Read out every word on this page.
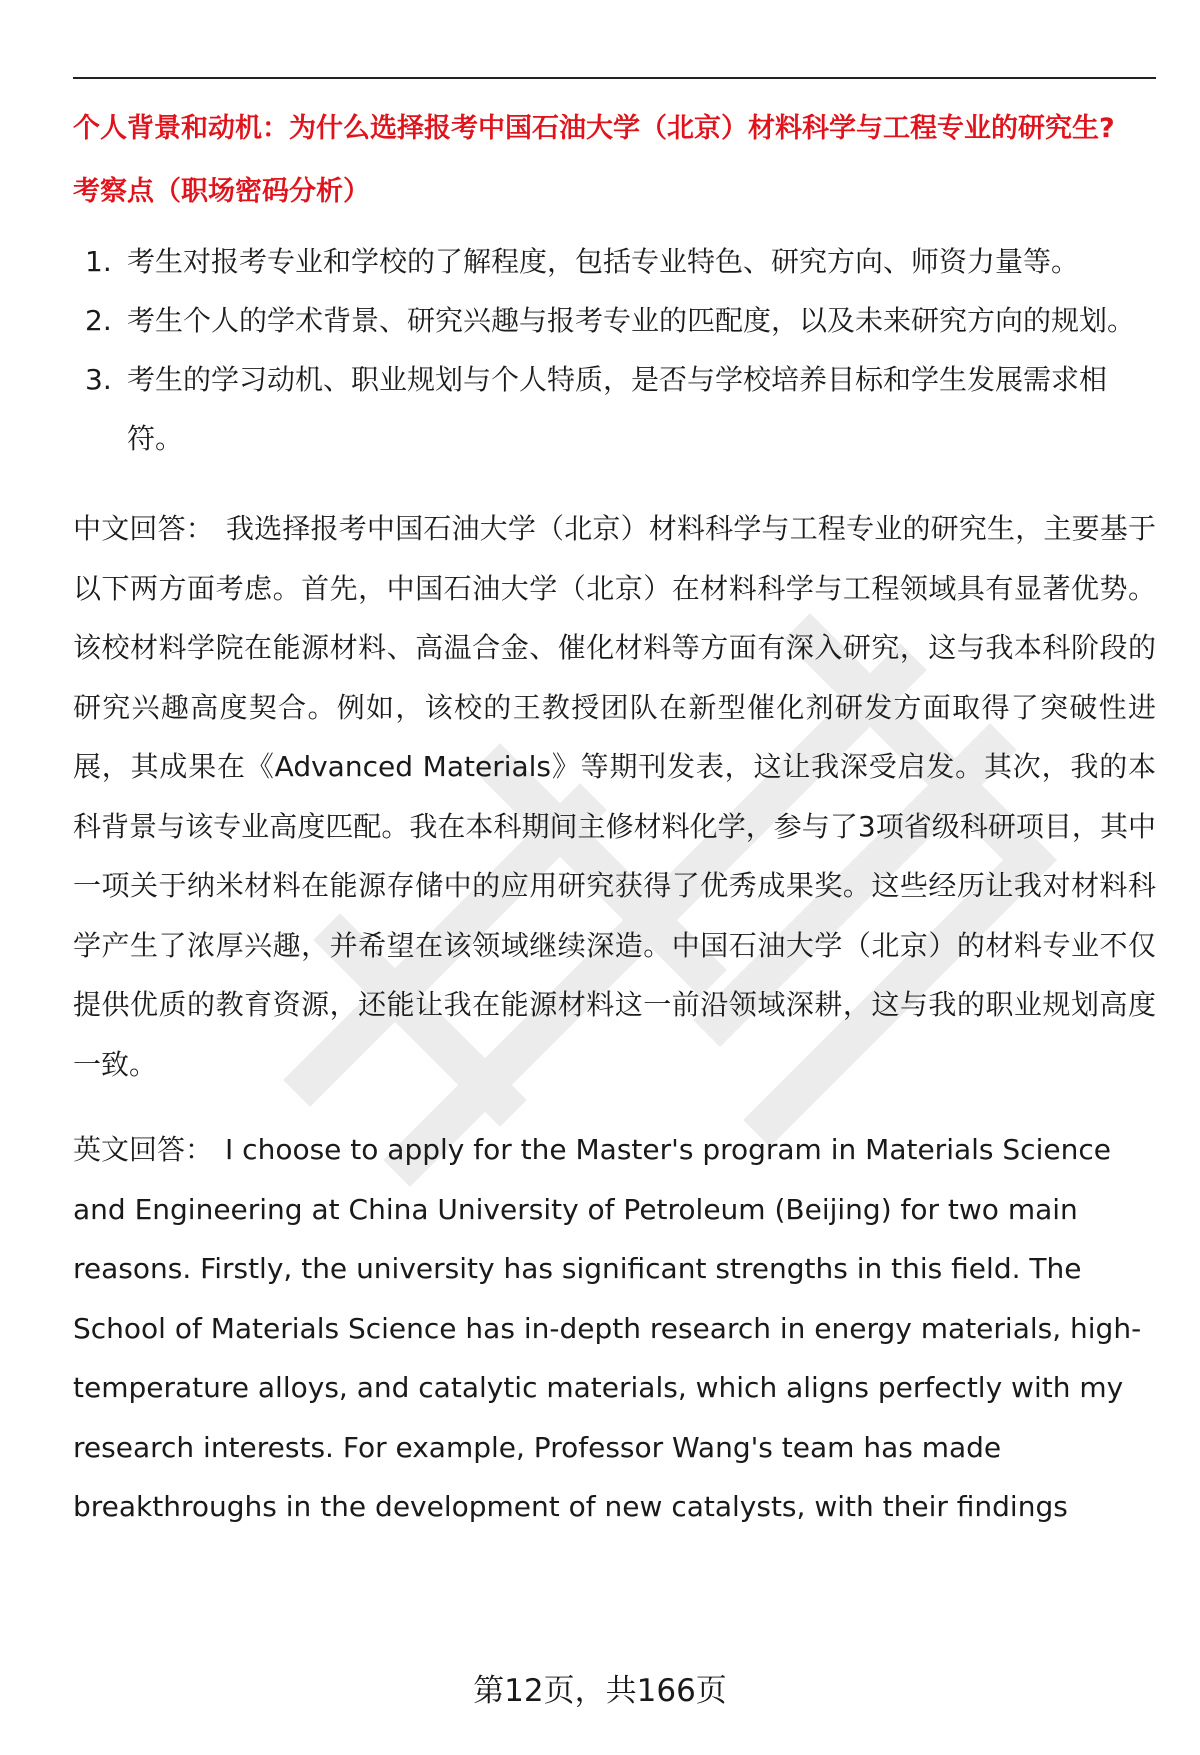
个人背景和动机：为什么选择报考中国石油大学（北京）材料科学与工程专业的研究生?

考察点（职场密码分析）

1. 考生对报考专业和学校的了解程度，包括专业特色、研究方向、师资力量等。
2. 考生个人的学术背景、研究兴趣与报考专业的匹配度，以及未来研究方向的规划。
3. 考生的学习动机、职业规划与个人特质，是否与学校培养目标和学生发展需求相符。

中文回答： 我选择报考中国石油大学（北京）材料科学与工程专业的研究生，主要基于以下两方面考虑。首先，中国石油大学（北京）在材料科学与工程领域具有显著优势。该校材料学院在能源材料、高温合金、催化材料等方面有深入研究，这与我本科阶段的研究兴趣高度契合。例如，该校的王教授团队在新型催化剂研发方面取得了突破性进展，其成果在《Advanced Materials》等期刊发表，这让我深受启发。其次，我的本科背景与该专业高度匹配。我在本科期间主修材料化学，参与了3项省级科研项目，其中一项关于纳米材料在能源存储中的应用研究获得了优秀成果奖。这些经历让我对材料科学产生了浓厚兴趣，并希望在该领域继续深造。中国石油大学（北京）的材料专业不仅提供优质的教育资源，还能让我在能源材料这一前沿领域深耕，这与我的职业规划高度一致。

英文回答： I choose to apply for the Master's program in Materials Science and Engineering at China University of Petroleum (Beijing) for two main reasons. Firstly, the university has significant strengths in this field. The School of Materials Science has in-depth research in energy materials, high-temperature alloys, and catalytic materials, which aligns perfectly with my research interests. For example, Professor Wang's team has made breakthroughs in the development of new catalysts, with their findings

第12页，共166页
